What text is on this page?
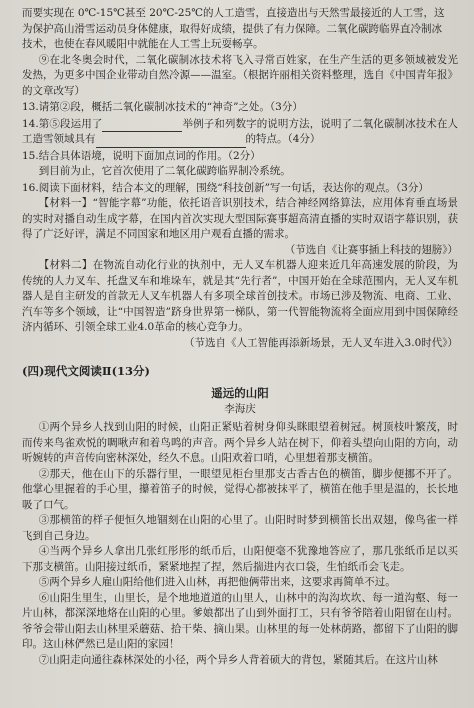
而要实现在 0℃-15℃甚至 20℃-25℃的人工造雪，直接造出与天然雪最接近的人工雪，这

为保护高山滑雪运动员身体健康，取得好成绩，提供了有力保障。二氧化碳跨临界直冷制冰

技术，也使在春风暖阳中就能在人工雪上玩耍畅享。

⑨在北冬奥会时代，二氧化碳制冰技术将飞入寻常百姓家，在生产生活的更多领域被发光发热，为更多中国企业带动自然冷源——温室。（根据许丽相关资料整理，选自《中国青年报》的文章改写）

13.请第②段，概括二氧化碳制冰技术的“神奇”之处。（3分）

14.第⑤段运用了	举例子和列数字的说明方法，说明了二氧化碳制冰技术在人工造雪领域具有	的特点。（4分）

15.结合具体语境，说明下面加点词的作用。（2分）

到目前为止，它首次使用了二氧化碳跨临界制冷系统。

16.阅读下面材料，结合本文的理解，围绕“科技创新”写一句话，表达你的观点。（3分）

【材料一】“智能字幕”功能，依托语音识别技术，结合神经网络算法，应用体育垂直场景的实时对播自动生成字幕，在国内首次实现大型国际赛事超高清直播的实时双语字幕识别，获得了广泛好评，满足不同国家和地区用户观看直播的需求。

（节选自《让赛事插上科技的翅膀》）

【材料二】在物流自动化行业的执剂中，无人叉车机器人迎来近几年高速发展的阶段，为传统的人力叉车、托盘叉车和堆垛车，就是其“先行者”，中国开始在全球范围内，无人叉车机器人是自主研发的首款无人叉车机器人有多项全球首创技术。市场已涉及物流、电商、工业、汽车等多个领域，让“中国智造”跻身世界第一梯队，第一代智能物流将全面应用到中国保障经济内循环、引领全球工业4.0革命的核心竞争力。

（节选自《人工智能再添新场景，无人叉车进入3.0时代》）

(四)现代文阅读Ⅱ(13分)
遥远的山阳
李海庆

①两个异乡人找到山阳的时候，山阳正紧贴着树身仰头眯眼望着树冠。树顶枝叶繁茂，时而传来鸟雀欢悦的啁啾声和着鸟鸣的声音。两个异乡人站在树下，仰着头望向山阳的方向，动听婉转的声音传向密林深处，经久不息。山阳欢着口哨，心里想着那支横笛。

②那天，他在山下的乐器行里，一眼望见柜台里那支古香古色的横笛，脚步便挪不开了。他掌心里握着的手心里，攥着笛子的时候，觉得心都被抹平了，横笛在他手里是温的，长长地吸了口气。

③那横笛的样子便恒久地锢刻在山阳的心里了。山阳时时梦到横笛长出双翅，像鸟雀一样飞到自己身边。

④当两个异乡人拿出几张红彤彤的纸币后，山阳便毫不犹豫地答应了，那几张纸币足以买下那支横笛。山阳接过纸币，紧紧地捏了捏，然后揣进内衣口袋，生怕纸币会飞走。

⑤两个异乡人雇山阳给他们进入山林，再把他俩带出来，这要求再简单不过。

⑥山阳生里生，山里长，是个地地道道的山里人，山林中的沟沟坎坎、每一道沟壑、每一片山林，都深深地烙在山阳的心里。爹娘都出了山到外面打工，只有爷爷陪着山阳留在山村。爷爷会带山阳去山林里采蘑菇、拾干柴、摘山果。山林里的每一处林荫路，都留下了山阳的脚印。这山林俨然已是山阳的家园！

⑦山阳走向通往森林深处的小径，两个异乡人背着硕大的背包，紧随其后。在这片山林
